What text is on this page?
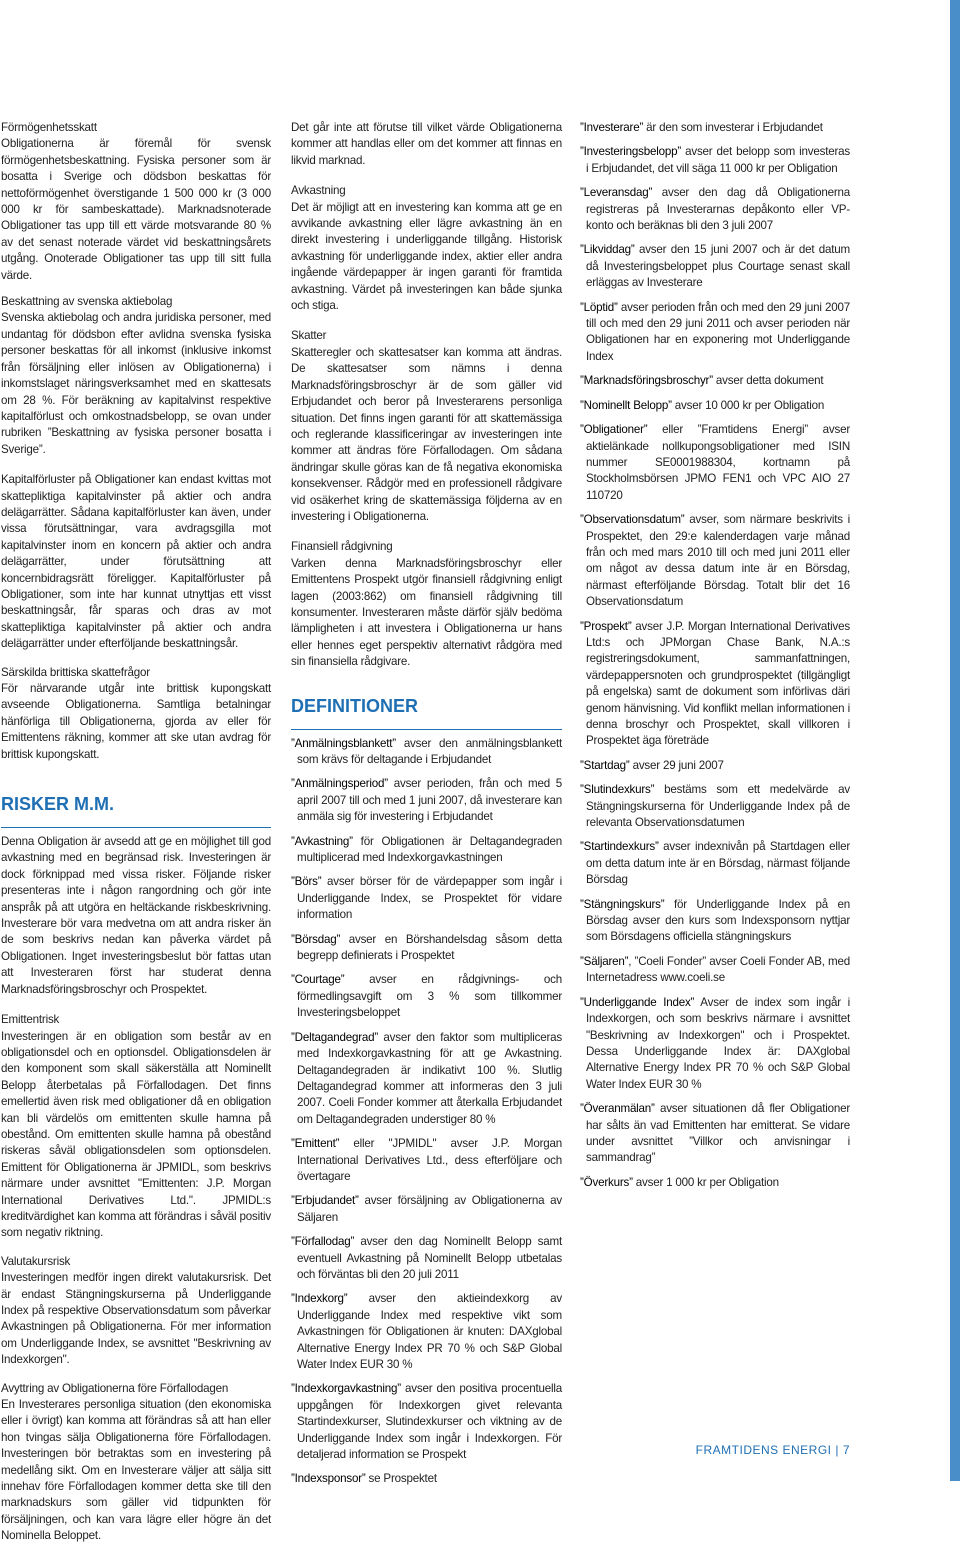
Förmögenhetsskatt

Obligationerna är föremål för svensk förmögenhetsbeskattning. Fysiska personer som är bosatta i Sverige och dödsbon beskattas för nettoförmögenhet överstigande 1 500 000 kr (3 000 000 kr för sambeskattade). Marknadsnoterade Obligationer tas upp till ett värde motsvarande 80 % av det senast noterade värdet vid beskattningsårets utgång. Onoterade Obligationer tas upp till sitt fulla värde.

Beskattning av svenska aktiebolag

Svenska aktiebolag och andra juridiska personer, med undantag för dödsbon efter avlidna svenska fysiska personer beskattas för all inkomst (inklusive inkomst från försäljning eller inlösen av Obligationerna) i inkomstslaget näringsverksamhet med en skattesats om 28 %. För beräkning av kapitalvinst respektive kapitalförlust och omkostnadsbelopp, se ovan under rubriken ”Beskattning av fysiska personer bosatta i Sverige”.

Kapitalförluster på Obligationer kan endast kvittas mot skattepliktiga kapitalvinster på aktier och andra delägarrätter. Sådana kapitalförluster kan även, under vissa förutsättningar, vara avdragsgilla mot kapitalvinster inom en koncern på aktier och andra delägarrätter, under förutsättning att koncernbidragsrätt föreligger. Kapitalförluster på Obligationer, som inte har kunnat utnyttjas ett visst beskattningsår, får sparas och dras av mot skattepliktiga kapitalvinster på aktier och andra delägarrätter under efterföljande beskattningsår.

Särskilda brittiska skattefrågor

För närvarande utgår inte brittisk kupongskatt avseende Obligationerna. Samtliga betalningar hänförliga till Obligationerna, gjorda av eller för Emittentens räkning, kommer att ske utan avdrag för brittisk kupongskatt.

RISKER M.M.

Denna Obligation är avsedd att ge en möjlighet till god avkastning med en begränsad risk. Investeringen är dock förknippad med vissa risker. Följande risker presenteras inte i någon rangordning och gör inte anspråk på att utgöra en heltäckande riskbeskrivning. Investerare bör vara medvetna om att andra risker än de som beskrivs nedan kan påverka värdet på Obligationen. Inget investeringsbeslut bör fattas utan att Investeraren först har studerat denna Marknadsföringsbroschyr och Prospektet.

Emittentrisk

Investeringen är en obligation som består av en obligationsdel och en optionsdel. Obligationsdelen är den komponent som skall säkerställa att Nominellt Belopp återbetalas på Förfallodagen. Det finns emellertid även risk med obligationer då en obligation kan bli värdelös om emittenten skulle hamna på obestånd. Om emittenten skulle hamna på obestånd riskeras såväl obligationsdelen som optionsdelen. Emittent för Obligationerna är JPMIDL, som beskrivs närmare under avsnittet "Emittenten: J.P. Morgan International Derivatives Ltd.". JPMIDL:s kreditvärdighet kan komma att förändras i såväl positiv som negativ riktning.

Valutakursrisk

Investeringen medför ingen direkt valutakursrisk. Det är endast Stängningskurserna på Underliggande Index på respektive Observationsdatum som påverkar Avkastningen på Obligationerna. För mer information om Underliggande Index, se avsnittet "Beskrivning av Indexkorgen".

Avyttring av Obligationerna före Förfallodagen

En Investerares personliga situation (den ekonomiska eller i övrigt) kan komma att förändras så att han eller hon tvingas sälja Obligationerna före Förfallodagen. Investeringen bör betraktas som en investering på medellång sikt. Om en Investerare väljer att sälja sitt innehav före Förfallodagen kommer detta ske till den marknadskurs som gäller vid tidpunkten för försäljningen, och kan vara lägre eller högre än det Nominella Beloppet.

Det går inte att förutse till vilket värde Obligationerna kommer att handlas eller om det kommer att finnas en likvid marknad.

Avkastning

Det är möjligt att en investering kan komma att ge en avvikande avkastning eller lägre avkastning än en direkt investering i underliggande tillgång. Historisk avkastning för underliggande index, aktier eller andra ingående värdepapper är ingen garanti för framtida avkastning. Värdet på investeringen kan både sjunka och stiga.

Skatter

Skatteregler och skattesatser kan komma att ändras. De skattesatser som nämns i denna Marknadsföringsbroschyr är de som gäller vid Erbjudandet och beror på Investerarens personliga situation. Det finns ingen garanti för att skattemässiga och reglerande klassificeringar av investeringen inte kommer att ändras före Förfallodagen. Om sådana ändringar skulle göras kan de få negativa ekonomiska konsekvenser. Rådgör med en professionell rådgivare vid osäkerhet kring de skattemässiga följderna av en investering i Obligationerna.

Finansiell rådgivning

Varken denna Marknadsföringsbroschyr eller Emittentens Prospekt utgör finansiell rådgivning enligt lagen (2003:862) om finansiell rådgivning till konsumenter. Investeraren måste därför själv bedöma lämpligheten i att investera i Obligationerna ur hans eller hennes eget perspektiv alternativt rådgöra med sin finansiella rådgivare.

DEFINITIONER

”Anmälningsblankett” avser den anmälningsblankett som krävs för deltagande i Erbjudandet

”Anmälningsperiod” avser perioden, från och med 5 april 2007 till och med 1 juni 2007, då investerare kan anmäla sig för investering i Erbjudandet

”Avkastning” för Obligationen är Deltagandegraden multiplicerad med Indexkorgavkastningen

”Börs” avser börser för de värdepapper som ingår i Underliggande Index, se Prospektet för vidare information

”Börsdag” avser en Börshandelsdag såsom detta begrepp definierats i Prospektet

”Courtage” avser en rådgivnings- och förmedlingsavgift om 3 % som tillkommer Investeringsbeloppet

”Deltagandegrad” avser den faktor som multipliceras med Indexkorgavkastning för att ge Avkastning. Deltagandegraden är indikativt 100 %. Slutlig Deltagandegrad kommer att informeras den 3 juli 2007. Coeli Fonder kommer att återkalla Erbjudandet om Deltagandegraden understiger 80 %

”Emittent” eller "JPMIDL" avser J.P. Morgan International Derivatives Ltd., dess efterföljare och övertagare

”Erbjudandet” avser försäljning av Obligationerna av Säljaren

”Förfallodag” avser den dag Nominellt Belopp samt eventuell Avkastning på Nominellt Belopp utbetalas och förväntas bli den 20 juli 2011

”Indexkorg” avser den aktieindexkorg av Underliggande Index med respektive vikt som Avkastningen för Obligationen är knuten: DAXglobal Alternative Energy Index PR 70 % och S&P Global Water Index EUR 30 %

”Indexkorgavkastning” avser den positiva procentuella uppgången för Indexkorgen givet relevanta Startindexkurser, Slutindexkurser och viktning av de Underliggande Index som ingår i Indexkorgen. För detaljerad information se Prospekt

”Indexsponsor” se Prospektet

”Investerare” är den som investerar i Erbjudandet

”Investeringsbelopp” avser det belopp som investeras i Erbjudandet, det vill säga 11 000 kr per Obligation

”Leveransdag” avser den dag då Obligationerna registreras på Investerarnas depåkonto eller VP-konto och beräknas bli den 3 juli 2007

”Likviddag” avser den 15 juni 2007 och är det datum då Investeringsbeloppet plus Courtage senast skall erläggas av Investerare

”Löptid” avser perioden från och med den 29 juni 2007 till och med den 29 juni 2011 och avser perioden när Obligationen har en exponering mot Underliggande Index

”Marknadsföringsbroschyr” avser detta dokument

”Nominellt Belopp” avser 10 000 kr per Obligation

”Obligationer” eller ”Framtidens Energi” avser aktielänkade nollkupongsobligationer med ISIN nummer SE0001988304, kortnamn på Stockholmsbörsen JPMO FEN1 och VPC AIO 27 110720

”Observationsdatum” avser, som närmare beskrivits i Prospektet, den 29:e kalenderdagen varje månad från och med mars 2010 till och med juni 2011 eller om något av dessa datum inte är en Börsdag, närmast efterföljande Börsdag. Totalt blir det 16 Observationsdatum

”Prospekt” avser J.P. Morgan International Derivatives Ltd:s och JPMorgan Chase Bank, N.A.:s registreringsdokument, sammanfattningen, värdepappersnoten och grundprospektet (tillgängligt på engelska) samt de dokument som införlivas däri genom hänvisning. Vid konflikt mellan informationen i denna broschyr och Prospektet, skall villkoren i Prospektet äga företräde

”Startdag” avser 29 juni 2007

”Slutindexkurs” bestäms som ett medelvärde av Stängningskurserna för Underliggande Index på de relevanta Observationsdatumen

”Startindexkurs” avser indexnivån på Startdagen eller om detta datum inte är en Börsdag, närmast följande Börsdag

”Stängningskurs” för Underliggande Index på en Börsdag avser den kurs som Indexsponsorn nyttjar som Börsdagens officiella stängningskurs

”Säljaren”, ”Coeli Fonder” avser Coeli Fonder AB, med Internetadress www.coeli.se

”Underliggande Index” Avser de index som ingår i Indexkorgen, och som beskrivs närmare i avsnittet "Beskrivning av Indexkorgen" och i Prospektet. Dessa Underliggande Index är: DAXglobal Alternative Energy Index PR 70 % och S&P Global Water Index EUR 30 %

”Överanmälan” avser situationen då fler Obligationer har sålts än vad Emittenten har emitterat. Se vidare under avsnittet ”Villkor och anvisningar i sammandrag”

”Överkurs” avser 1 000 kr per Obligation

FRAMTIDENS ENERGI | 7
